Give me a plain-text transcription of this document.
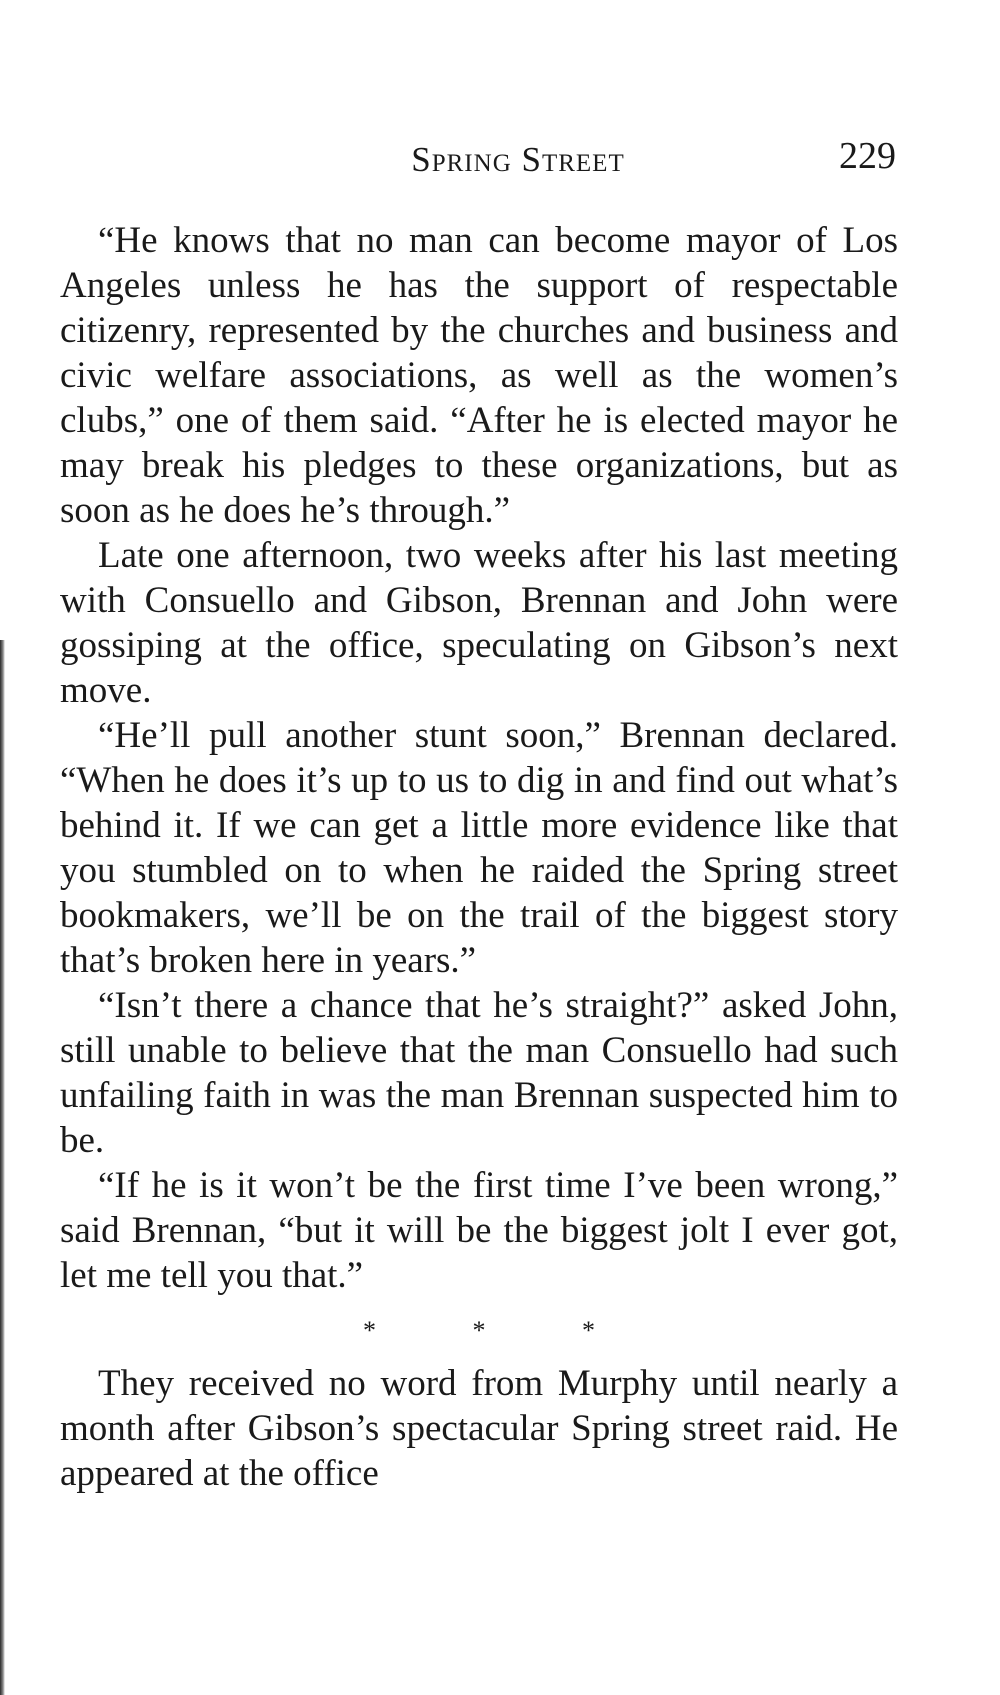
Spring Street	229

“He knows that no man can become mayor of Los Angeles unless he has the support of respectable citizenry, represented by the churches and business and civic welfare associations, as well as the women’s clubs,” one of them said. “After he is elected mayor he may break his pledges to these organizations, but as soon as he does he’s through.”

Late one afternoon, two weeks after his last meeting with Consuello and Gibson, Brennan and John were gossiping at the office, speculating on Gibson’s next move.

“He’ll pull another stunt soon,” Brennan declared. “When he does it’s up to us to dig in and find out what’s behind it. If we can get a little more evidence like that you stumbled on to when he raided the Spring street bookmakers, we’ll be on the trail of the biggest story that’s broken here in years.”

“Isn’t there a chance that he’s straight?” asked John, still unable to believe that the man Consuello had such unfailing faith in was the man Brennan suspected him to be.

“If he is it won’t be the first time I’ve been wrong,” said Brennan, “but it will be the biggest jolt I ever got, let me tell you that.”

*	*	*

They received no word from Murphy until nearly a month after Gibson’s spectacular Spring street raid. He appeared at the office
